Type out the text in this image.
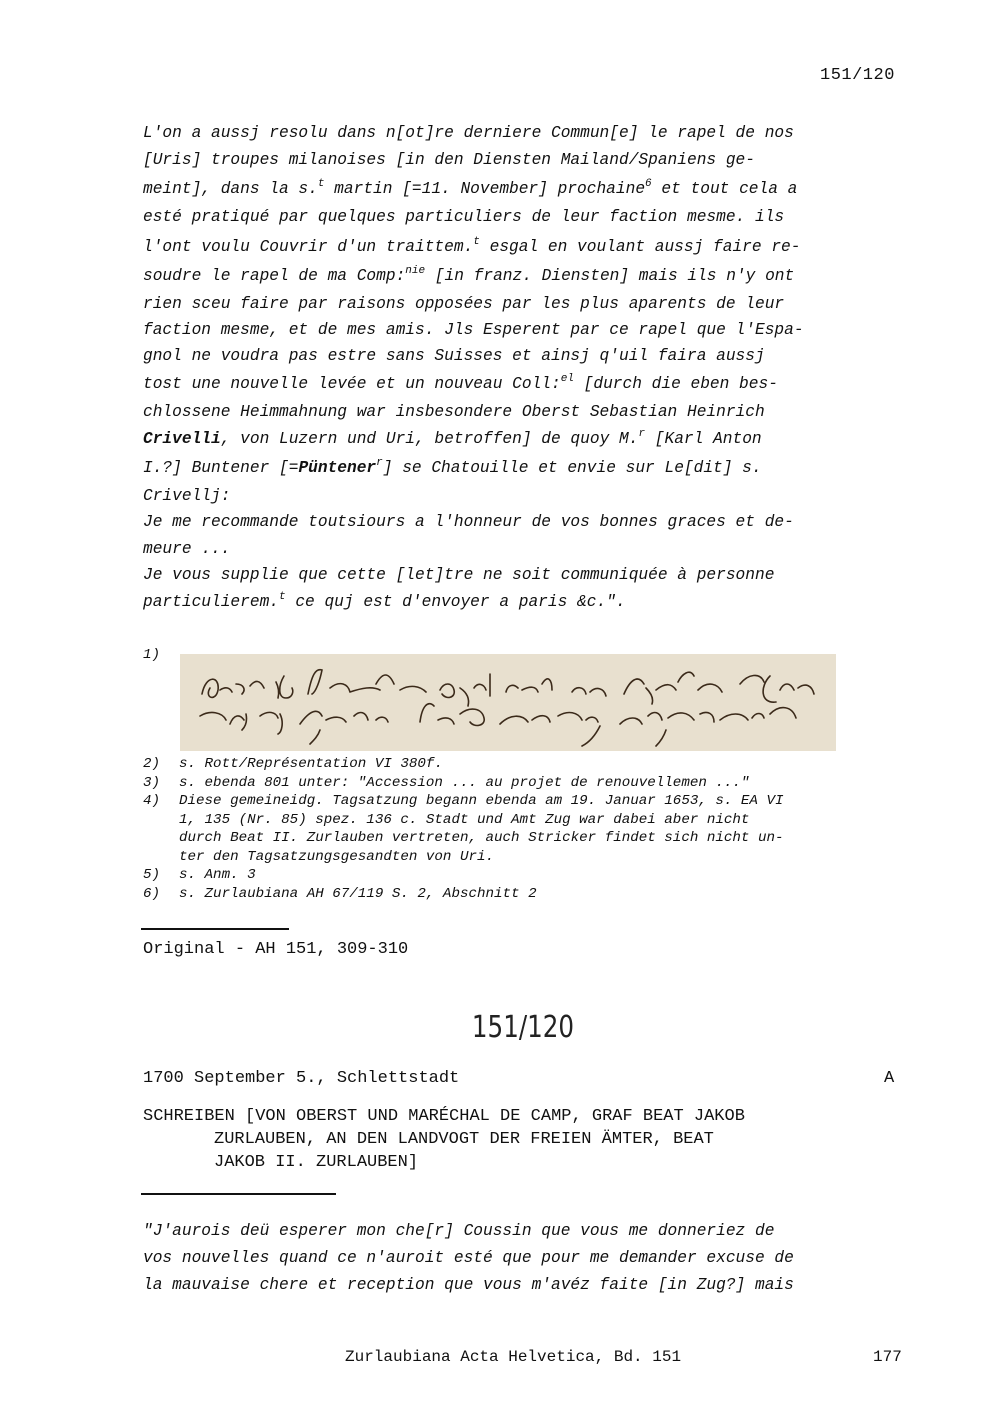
151/120
L'on a aussj resolu dans n[ot]re derniere Commun[e] le rapel de nos
[Uris] troupes milanoises [in den Diensten Mailand/Spaniens ge-
meint], dans la s.$^t$ martin [=11. November] prochaine$^6$ et tout cela a
esté pratiqué par quelques particuliers de leur faction mesme. ils
l'ont voulu Couvrir d'un traittem.$^t$ esgal en voulant aussj faire re-
soudre le rapel de ma Comp:$^{nie}$ [in franz. Diensten] mais ils n'y ont
rien sceu faire par raisons opposées par les plus aparents de leur
faction mesme, et de mes amis. Jls Esperent par ce rapel que l'Espa-
gnol ne voudra pas estre sans Suisses et ainsj q'uil faira aussj
tost une nouvelle levée et un nouveau Coll:$^{el}$ [durch die eben bes-
chlossene Heimmahnung war insbesondere Oberst Sebastian Heinrich
Crivelli, von Luzern und Uri, betroffen] de quoy M.$^r$ [Karl Anton
I.?] Buntener [=Püntener$^r$] se Chatouille et envie sur Le[dit] s.
Crivellj:
Je me recommande toutsiours a l'honneur de vos bonnes graces et de-
meure ...
Je vous supplie que cette [let]tre ne soit communiquée à personne
particulierem.$^t$ ce quj est d'envoyer a paris &c.".
1)
2) s. Rott/Représentation VI 380f.
3) s. ebenda 801 unter: "Accession ... au projet de renouvellemen ..."
4) Diese gemeineidg. Tagsatzung begann ebenda am 19. Januar 1653, s. EA VI
1, 135 (Nr. 85) spez. 136 c. Stadt und Amt Zug war dabei aber nicht
durch Beat II. Zurlauben vertreten, auch Stricker findet sich nicht un-
ter den Tagsatzungsgesandten von Uri.
5) s. Anm. 3
6) s. Zurlaubiana AH 67/119 S. 2, Abschnitt 2
Original - AH 151, 309-310
151/120
1700 September 5., Schlettstadt	A
SCHREIBEN [VON OBERST UND MARÉCHAL DE CAMP, GRAF BEAT JAKOB
ZURLAUBEN, AN DEN LANDVOGT DER FREIEN ÄMTER, BEAT
JAKOB II. ZURLAUBEN]
"J'aurois deü esperer mon che[r] Coussin que vous me donneriez de
vos nouvelles quand ce n'auroit esté que pour me demander excuse de
la mauvaise chere et reception que vous m'avéz faite [in Zug?] mais
Zurlaubiana Acta Helvetica, Bd. 151	177
